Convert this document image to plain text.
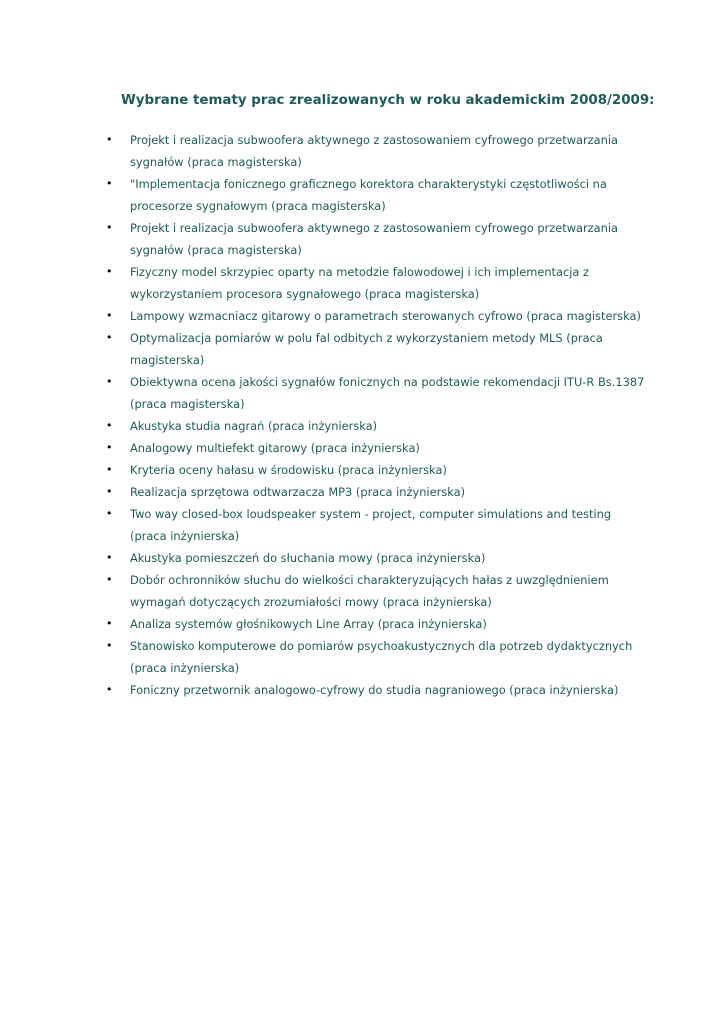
Wybrane tematy prac zrealizowanych w roku akademickim 2008/2009:
•	Projekt i realizacja subwoofera aktywnego z zastosowaniem cyfrowego przetwarzania sygnałów (praca magisterska)
•	"Implementacja fonicznego graficznego korektora charakterystyki częstotliwości na procesorze sygnałowym (praca magisterska)
•	Projekt i realizacja subwoofera aktywnego z zastosowaniem cyfrowego przetwarzania sygnałów (praca magisterska)
•	Fizyczny model skrzypiec oparty na metodzie falowodowej i ich implementacja z wykorzystaniem procesora sygnałowego (praca magisterska)
•	Lampowy wzmacniacz gitarowy o parametrach sterowanych cyfrowo (praca magisterska)
•	Optymalizacja pomiarów w polu fal odbitych z wykorzystaniem metody MLS (praca magisterska)
•	Obiektywna ocena jakości sygnałów fonicznych na podstawie rekomendacji ITU-R Bs.1387 (praca magisterska)
•	Akustyka studia nagrań (praca inżynierska)
•	Analogowy multiefekt gitarowy (praca inżynierska)
•	Kryteria oceny hałasu w środowisku (praca inżynierska)
•	Realizacja sprzętowa odtwarzacza MP3 (praca inżynierska)
•	Two way closed-box loudspeaker system - project, computer simulations and testing (praca inżynierska)
•	Akustyka pomieszczeń do słuchania mowy (praca inżynierska)
•	Dobór ochronników słuchu do wielkości charakteryzujących hałas z uwzględnieniem wymagań dotyczących zrozumiałości mowy (praca inżynierska)
•	Analiza systemów głośnikowych Line Array (praca inżynierska)
•	Stanowisko komputerowe do pomiarów psychoakustycznych dla potrzeb dydaktycznych (praca inżynierska)
•	Foniczny przetwornik analogowo-cyfrowy do studia nagraniowego (praca inżynierska)
